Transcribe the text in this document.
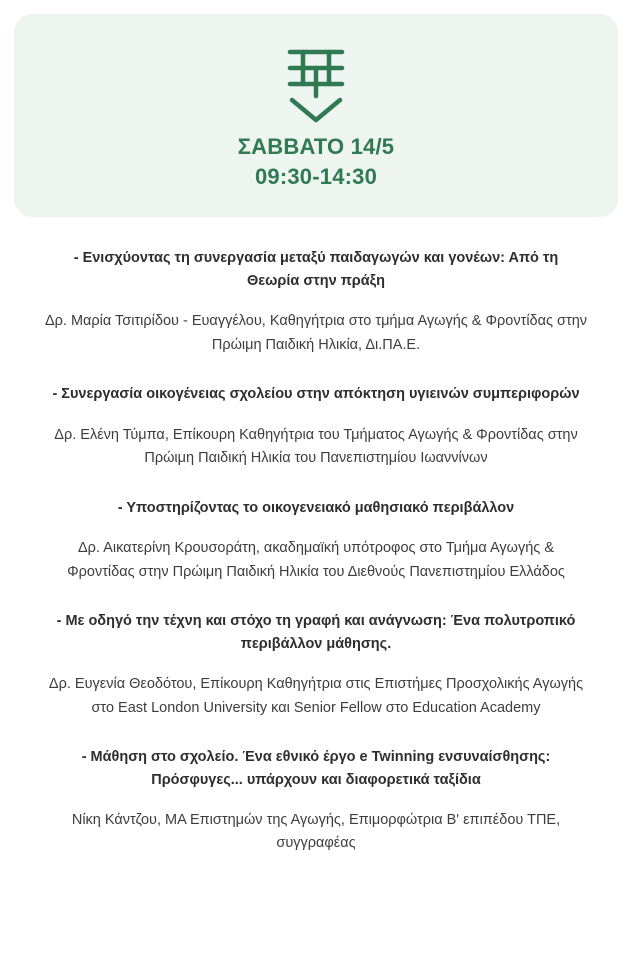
ΣΑΒΒΑΤΟ 14/5
09:30-14:30

- Ενισχύοντας τη συνεργασία μεταξύ παιδαγωγών και γονέων: Από τη Θεωρία στην πράξη

Δρ. Μαρία Τσιτιρίδου - Ευαγγέλου, Καθηγήτρια στο τμήμα Αγωγής & Φροντίδας στην Πρώιμη Παιδική Ηλικία, Δι.ΠΑ.Ε.

- Συνεργασία οικογένειας σχολείου στην απόκτηση υγιεινών συμπεριφορών

Δρ. Ελένη Τύμπα, Επίκουρη Καθηγήτρια του Τμήματος Αγωγής & Φροντίδας στην Πρώιμη Παιδική Ηλικία του Πανεπιστημίου Ιωαννίνων

- Υποστηρίζοντας το οικογενειακό μαθησιακό περιβάλλον

Δρ. Αικατερίνη Κρουσοράτη, ακαδημαϊκή υπότροφος στο Τμήμα Αγωγής & Φροντίδας στην Πρώιμη Παιδική Ηλικία του Διεθνούς Πανεπιστημίου Ελλάδος

- Με οδηγό την τέχνη και στόχο τη γραφή και ανάγνωση: Ένα πολυτροπικό περιβάλλον μάθησης.

Δρ. Ευγενία Θεοδότου, Επίκουρη Καθηγήτρια στις Επιστήμες Προσχολικής Αγωγής στο East London University και Senior Fellow στο Education Academy

- Μάθηση στο σχολείο. Ένα εθνικό έργο e Twinning ενσυναίσθησης: Πρόσφυγες... υπάρχουν και διαφορετικά ταξίδια

Νίκη Κάντζου, ΜΑ Επιστημών της Αγωγής, Επιμορφώτρια Β' επιπέδου ΤΠΕ, συγγραφέας
